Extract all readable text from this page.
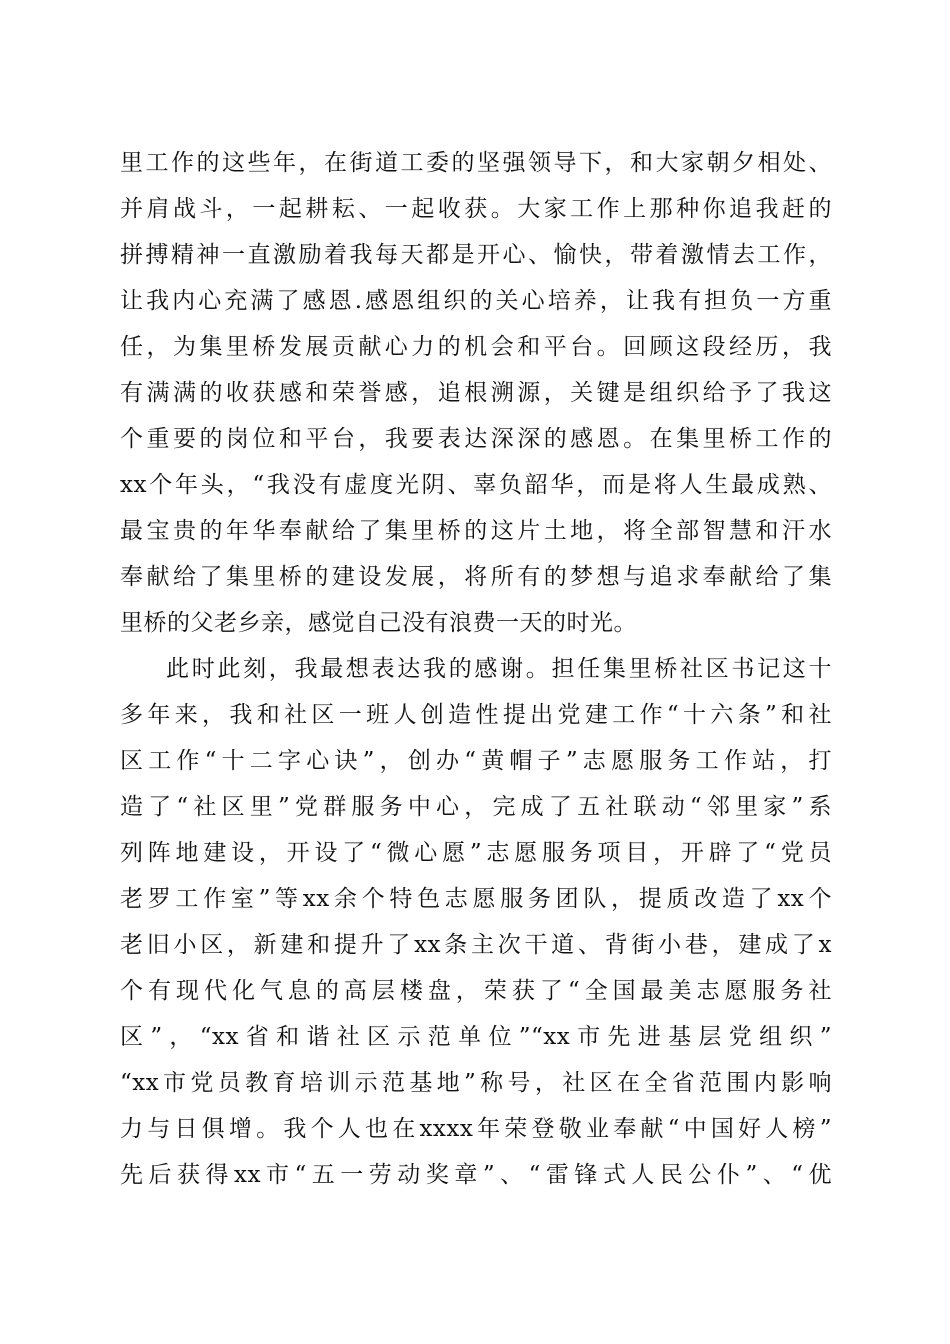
里工作的这些年，在街道工委的坚强领导下，和大家朝夕相处、
并肩战斗，一起耕耘、一起收获。大家工作上那种你追我赶的
拼搏精神一直激励着我每天都是开心、愉快，带着激情去工作，
让我内心充满了感恩.感恩组织的关心培养，让我有担负一方重
任，为集里桥发展贡献心力的机会和平台。回顾这段经历，我
有满满的收获感和荣誉感，追根溯源，关键是组织给予了我这
个重要的岗位和平台，我要表达深深的感恩。在集里桥工作的
xx个年头，“我没有虚度光阴、辜负韶华，而是将人生最成熟、
最宝贵的年华奉献给了集里桥的这片土地，将全部智慧和汗水
奉献给了集里桥的建设发展，将所有的梦想与追求奉献给了集
里桥的父老乡亲，感觉自己没有浪费一天的时光。
此时此刻，我最想表达我的感谢。担任集里桥社区书记这十
多年来，我和社区一班人创造性提出党建工作“十六条”和社
区工作“十二字心诀”，创办“黄帽子”志愿服务工作站，打
造了“社区里”党群服务中心，完成了五社联动“邻里家”系
列阵地建设，开设了“微心愿”志愿服务项目，开辟了“党员
老罗工作室”等xx余个特色志愿服务团队，提质改造了xx个
老旧小区，新建和提升了xx条主次干道、背街小巷，建成了x
个有现代化气息的高层楼盘，荣获了“全国最美志愿服务社
区”，“xx省和谐社区示范单位”“xx市先进基层党组织”
“xx市党员教育培训示范基地”称号，社区在全省范围内影响
力与日俱增。我个人也在xxxx年荣登敬业奉献“中国好人榜”
先后获得xx市“五一劳动奖章”、“雷锋式人民公仆”、“优
